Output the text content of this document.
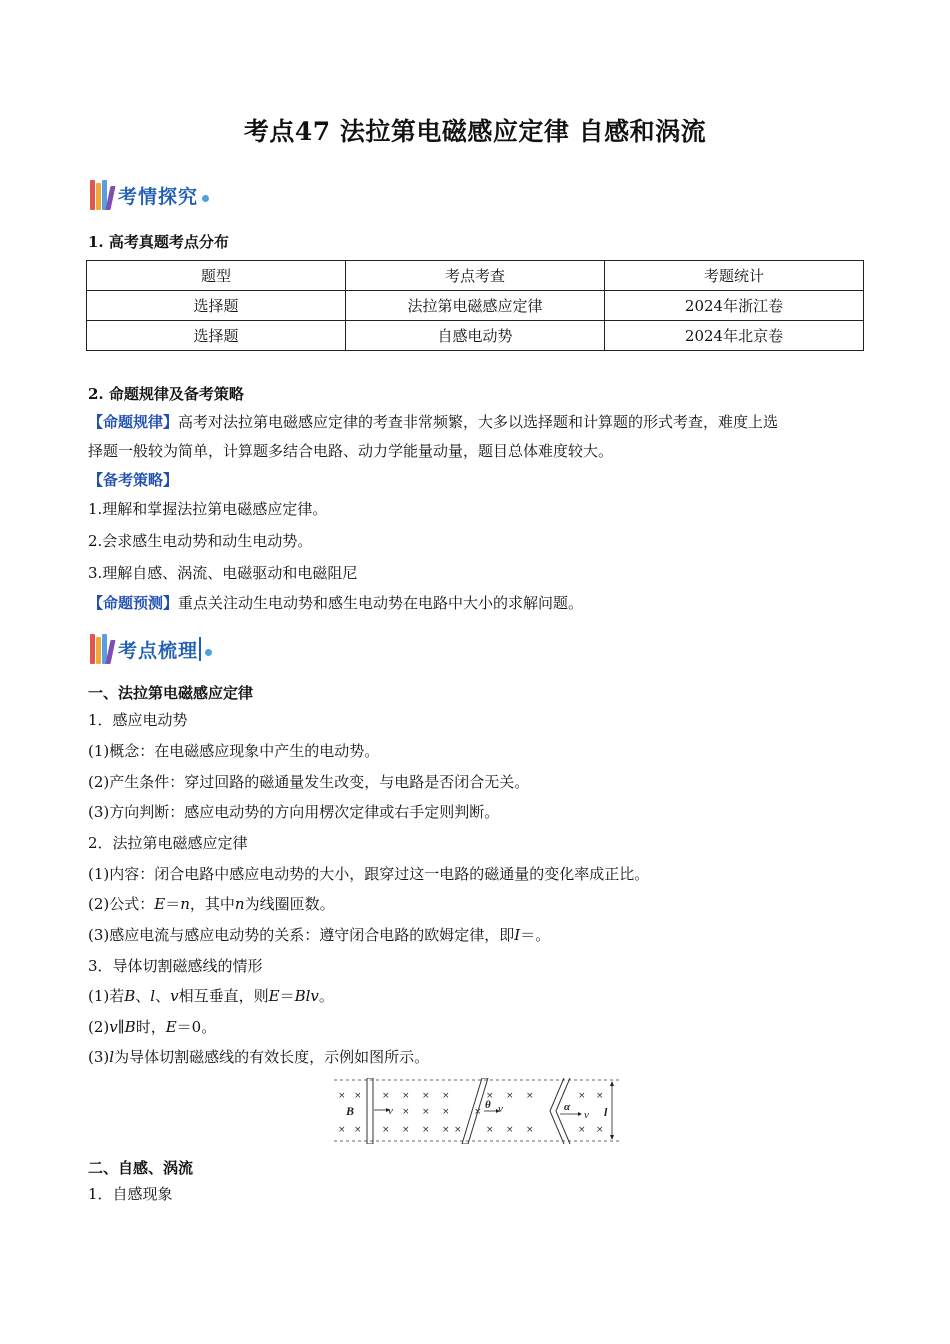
考点47 法拉第电磁感应定律 自感和涡流
考情探究
1. 高考真题考点分布
题型	考点考查	考题统计
选择题	法拉第电磁感应定律	2024年浙江卷
选择题	自感电动势	2024年北京卷
2. 命题规律及备考策略
【命题规律】高考对法拉第电磁感应定律的考查非常频繁，大多以选择题和计算题的形式考查，难度上选
择题一般较为简单，计算题多结合电路、动力学能量动量，题目总体难度较大。
【备考策略】
1.理解和掌握法拉第电磁感应定律。
2.会求感生电动势和动生电动势。
3.理解自感、涡流、电磁驱动和电磁阻尼
【命题预测】重点关注动生电动势和感生电动势在电路中大小的求解问题。
考点梳理
一、法拉第电磁感应定律
1．感应电动势
(1)概念：在电磁感应现象中产生的电动势。
(2)产生条件：穿过回路的磁通量发生改变，与电路是否闭合无关。
(3)方向判断：感应电动势的方向用楞次定律或右手定则判断。
2．法拉第电磁感应定律
(1)内容：闭合电路中感应电动势的大小，跟穿过这一电路的磁通量的变化率成正比。
(2)公式：E＝n，其中n为线圈匝数。
(3)感应电流与感应电动势的关系：遵守闭合电路的欧姆定律，即I＝。
3．导体切割磁感线的情形
(1)若B、l、v相互垂直，则E＝Blv。
(2)v∥B时，E＝0。
(3)l为导体切割磁感线的有效长度，示例如图所示。
× ×
× ×
× × × ×
× × ×
× × × ×
× × ×
× × ×
×
×
× ×
× ×
B	v	θ v	α
v l
二、自感、涡流
1．自感现象
